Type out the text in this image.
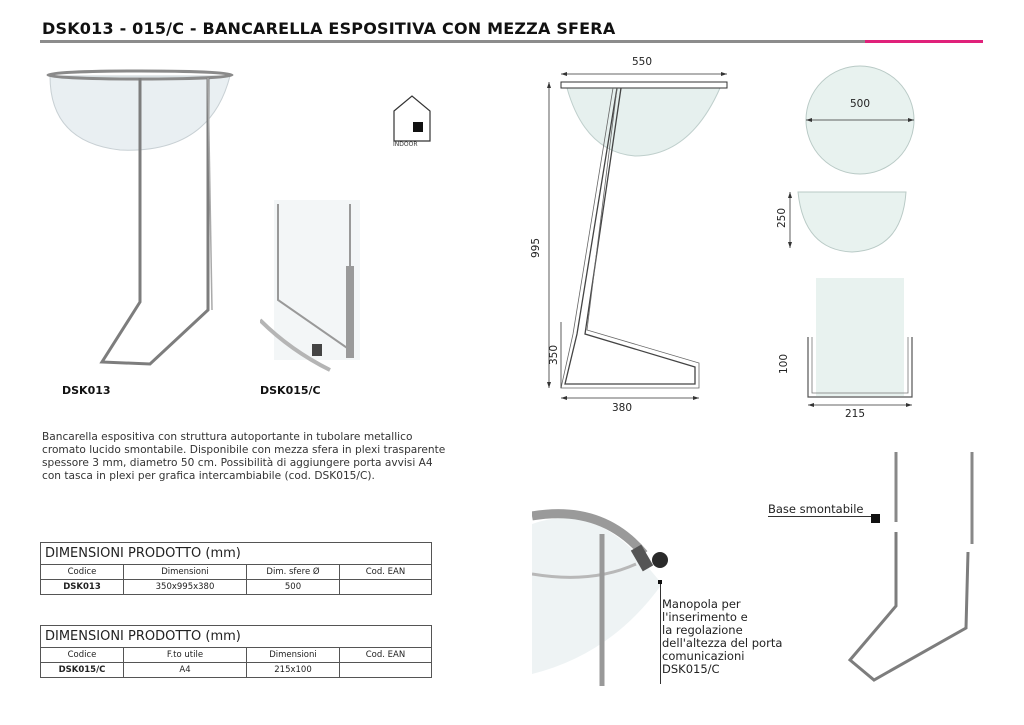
DSK013 - 015/C - BANCARELLA ESPOSITIVA CON MEZZA SFERA
DSK013	DSK015/C
INDOOR
Bancarella espositiva con struttura autoportante in tubolare metallico
cromato lucido smontabile. Disponibile con mezza sfera in plexi trasparente
spessore 3 mm, diametro 50 cm. Possibilità di aggiungere porta avvisi A4
con tasca in plexi per grafica intercambiabile (cod. DSK015/C).
DIMENSIONI PRODOTTO (mm)			
Codice	Dimensioni	Dim. sfere Ø	Cod. EAN
DSK013	350x995x380	500	
DIMENSIONI PRODOTTO (mm)			
Codice	F.to utile	Dimensioni	Cod. EAN
DSK015/C	A4	215x100	
550
995
350
380
500
250
100
215
Manopola per
l'inserimento e
la regolazione
dell'altezza del porta
comunicazioni
DSK015/C
Base smontabile
